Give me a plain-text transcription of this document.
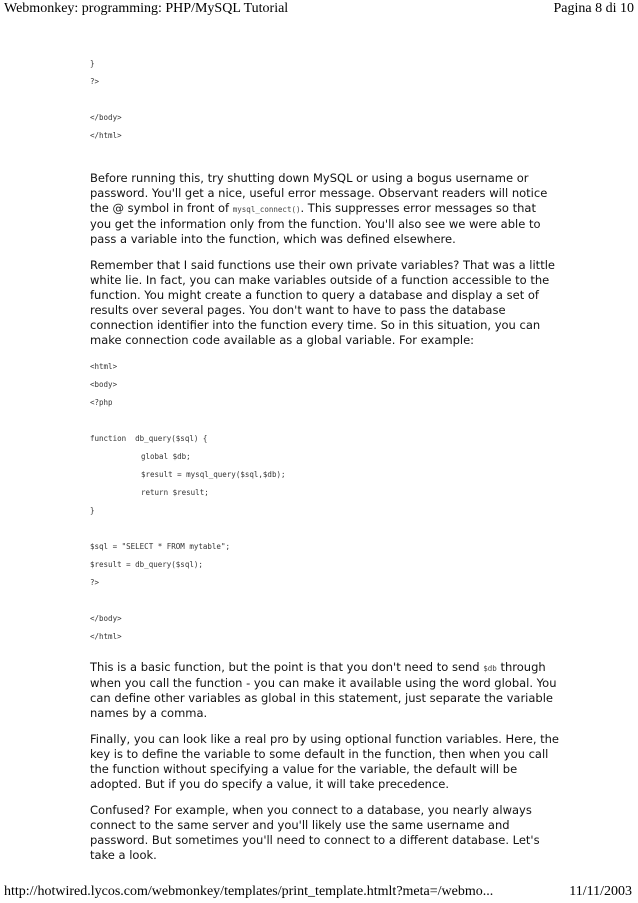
Webmonkey: programming: PHP/MySQL Tutorial	Pagina 8 di 10
}
?>
</body>
</html>

Before running this, try shutting down MySQL or using a bogus username or password. You'll get a nice, useful error message. Observant readers will notice the @ symbol in front of mysql_connect(). This suppresses error messages so that you get the information only from the function. You'll also see we were able to pass a variable into the function, which was defined elsewhere.

Remember that I said functions use their own private variables? That was a little white lie. In fact, you can make variables outside of a function accessible to the function. You might create a function to query a database and display a set of results over several pages. You don't want to have to pass the database connection identifier into the function every time. So in this situation, you can make connection code available as a global variable. For example:

<html>
<body>
<?php
function  db_query($sql) {
global $db;
$result = mysql_query($sql,$db);
return $result;
}
$sql = "SELECT * FROM mytable";
$result = db_query($sql);
?>
</body>
</html>

This is a basic function, but the point is that you don't need to send $db through when you call the function - you can make it available using the word global. You can define other variables as global in this statement, just separate the variable names by a comma.

Finally, you can look like a real pro by using optional function variables. Here, the key is to define the variable to some default in the function, then when you call the function without specifying a value for the variable, the default will be adopted. But if you do specify a value, it will take precedence.

Confused? For example, when you connect to a database, you nearly always connect to the same server and you'll likely use the same username and password. But sometimes you'll need to connect to a different database. Let's take a look.

http://hotwired.lycos.com/webmonkey/templates/print_template.htmlt?meta=/webmo...	11/11/2003
